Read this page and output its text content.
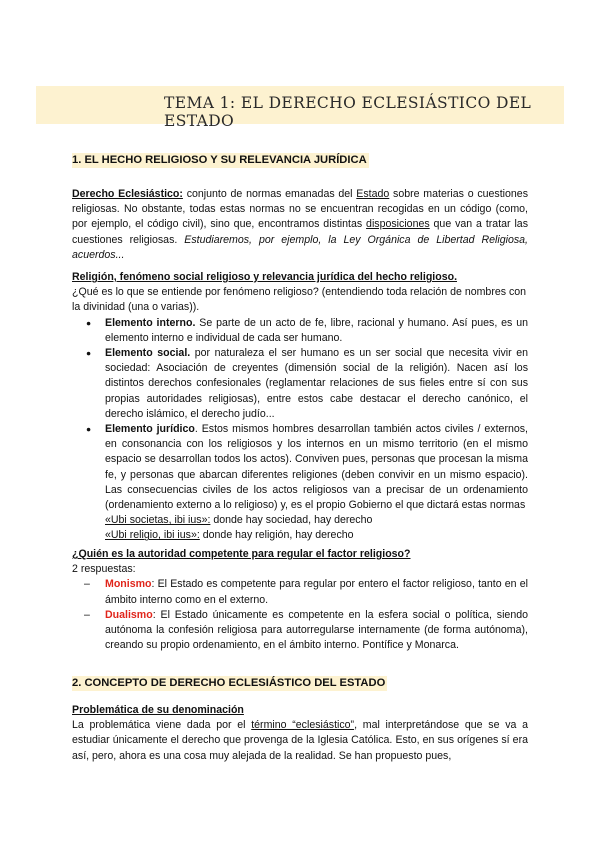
TEMA 1: EL DERECHO ECLESIÁSTICO DEL ESTADO
1. EL HECHO RELIGIOSO Y SU RELEVANCIA JURÍDICA
Derecho Eclesiástico: conjunto de normas emanadas del Estado sobre materias o cuestiones religiosas. No obstante, todas estas normas no se encuentran recogidas en un código (como, por ejemplo, el código civil), sino que, encontramos distintas disposiciones que van a tratar las cuestiones religiosas. Estudiaremos, por ejemplo, la Ley Orgánica de Libertad Religiosa, acuerdos...

Religión, fenómeno social religioso y relevancia jurídica del hecho religioso.

¿Qué es lo que se entiende por fenómeno religioso? (entendiendo toda relación de nombres con la divinidad (una o varias)).

● Elemento interno. Se parte de un acto de fe, libre, racional y humano. Así pues, es un elemento interno e individual de cada ser humano.
● Elemento social. por naturaleza el ser humano es un ser social que necesita vivir en sociedad: Asociación de creyentes (dimensión social de la religión). Nacen así los distintos derechos confesionales (reglamentar relaciones de sus fieles entre sí con sus propias autoridades religiosas), entre estos cabe destacar el derecho canónico, el derecho islámico, el derecho judío...
● Elemento jurídico. Estos mismos hombres desarrollan también actos civiles / externos, en consonancia con los religiosos y los internos en un mismo territorio (en el mismo espacio se desarrollan todos los actos). Conviven pues, personas que procesan la misma fe, y personas que abarcan diferentes religiones (deben convivir en un mismo espacio). Las consecuencias civiles de los actos religiosos van a precisar de un ordenamiento (ordenamiento externo a lo religioso) y, es el propio Gobierno el que dictará estas normas
«Ubi societas, ibi ius»: donde hay sociedad, hay derecho
«Ubi religio, ibi ius»: donde hay religión, hay derecho

¿Quién es la autoridad competente para regular el factor religioso?

2 respuestas:

– Monismo: El Estado es competente para regular por entero el factor religioso, tanto en el ámbito interno como en el externo.
– Dualismo: El Estado únicamente es competente en la esfera social o política, siendo autónoma la confesión religiosa para autorregularse internamente (de forma autónoma), creando su propio ordenamiento, en el ámbito interno. Pontífice y Monarca.
2. CONCEPTO DE DERECHO ECLESIÁSTICO DEL ESTADO

Problemática de su denominación

La problemática viene dada por el término “eclesiástico”, mal interpretándose que se va a estudiar únicamente el derecho que provenga de la Iglesia Católica. Esto, en sus orígenes sí era así, pero, ahora es una cosa muy alejada de la realidad. Se han propuesto pues,
